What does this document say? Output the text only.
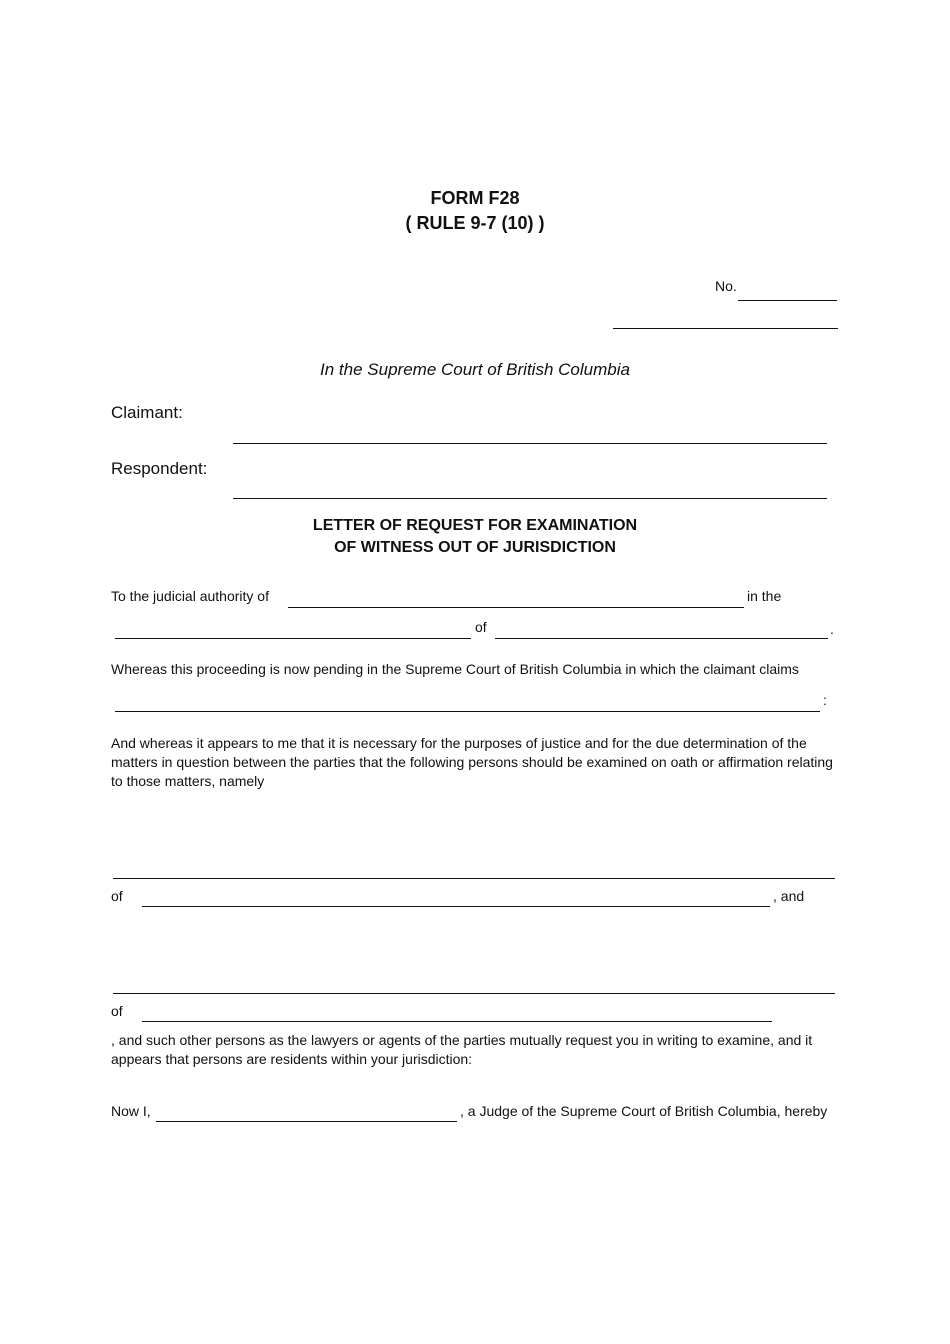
FORM F28
( RULE 9-7 (10) )
No.
In the Supreme Court of British Columbia
Claimant:
Respondent:
LETTER OF REQUEST FOR EXAMINATION
OF WITNESS OUT OF JURISDICTION
To the judicial authority of	in the
of	.
Whereas this proceeding is now pending in the Supreme Court of British Columbia in which the claimant claims
:
And whereas it appears to me that it is necessary for the purposes of justice and for the due determination of the matters in question between the parties that the following persons should be examined on oath or affirmation relating to those matters, namely
of	, and
of
, and such other persons as the lawyers or agents of the parties mutually request you in writing to examine, and it appears that persons are residents within your jurisdiction:
Now I,	, a Judge of the Supreme Court of British Columbia, hereby
